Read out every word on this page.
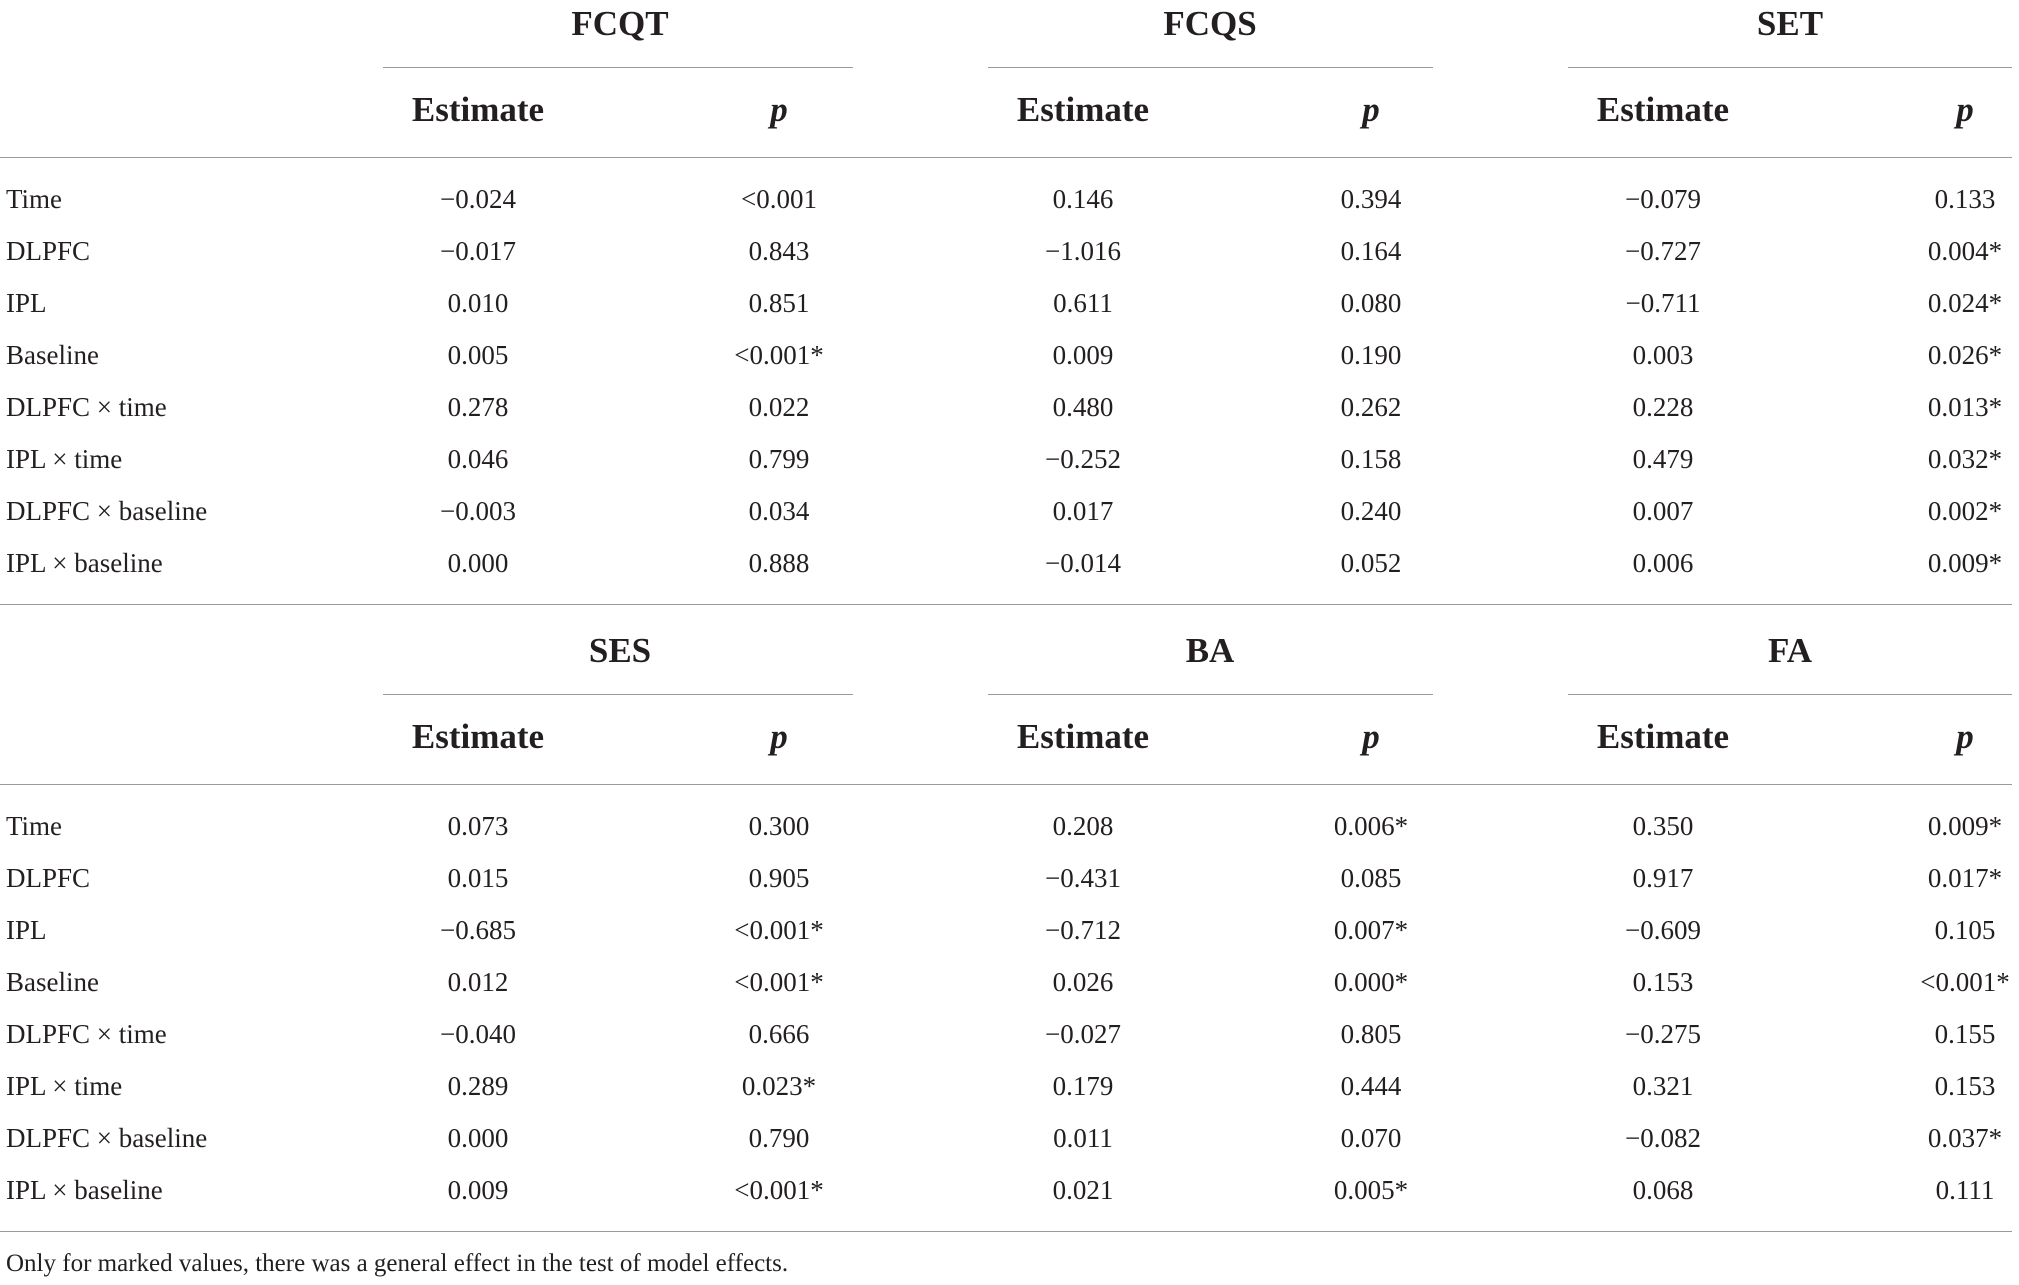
FCQT	FCQS	SET
Estimate	p	Estimate	p	Estimate	p
Time	−0.024	<0.001	0.146	0.394	−0.079	0.133
DLPFC	−0.017	0.843	−1.016	0.164	−0.727	0.004*
IPL	0.010	0.851	0.611	0.080	−0.711	0.024*
Baseline	0.005	<0.001*	0.009	0.190	0.003	0.026*
DLPFC × time	0.278	0.022	0.480	0.262	0.228	0.013*
IPL × time	0.046	0.799	−0.252	0.158	0.479	0.032*
DLPFC × baseline	−0.003	0.034	0.017	0.240	0.007	0.002*
IPL × baseline	0.000	0.888	−0.014	0.052	0.006	0.009*
SES	BA	FA
Estimate	p	Estimate	p	Estimate	p
Time	0.073	0.300	0.208	0.006*	0.350	0.009*
DLPFC	0.015	0.905	−0.431	0.085	0.917	0.017*
IPL	−0.685	<0.001*	−0.712	0.007*	−0.609	0.105
Baseline	0.012	<0.001*	0.026	0.000*	0.153	<0.001*
DLPFC × time	−0.040	0.666	−0.027	0.805	−0.275	0.155
IPL × time	0.289	0.023*	0.179	0.444	0.321	0.153
DLPFC × baseline	0.000	0.790	0.011	0.070	−0.082	0.037*
IPL × baseline	0.009	<0.001*	0.021	0.005*	0.068	0.111
Only for marked values, there was a general effect in the test of model effects.
